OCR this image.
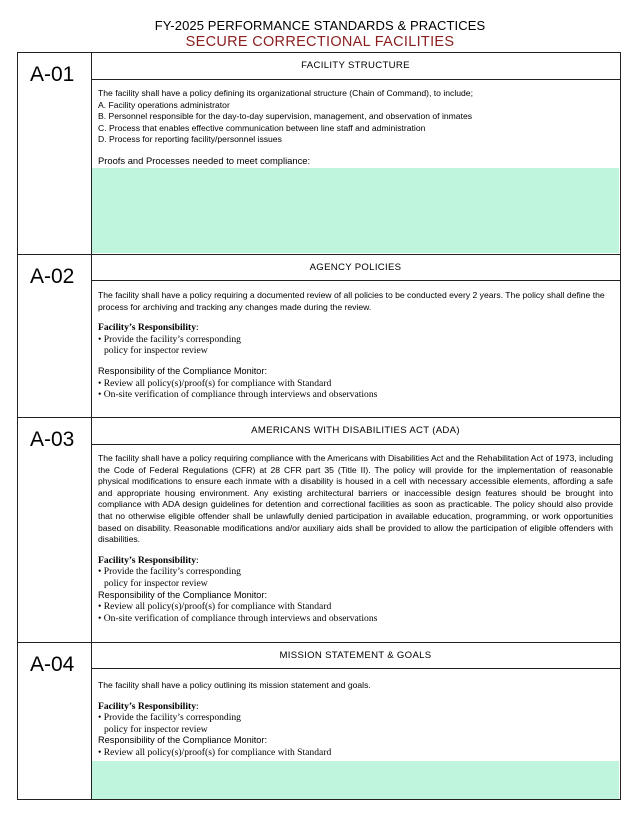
FY-2025 PERFORMANCE STANDARDS & PRACTICES
SECURE CORRECTIONAL FACILITIES
A-01	FACILITY STRUCTURE

The facility shall have a policy defining its organizational structure (Chain of Command), to include;

A. Facility operations administrator
B. Personnel responsible for the day-to-day supervision, management, and observation of inmates
C. Process that enables effective communication between line staff and administration
D. Process for reporting facility/personnel issues
Proofs and Processes needed to meet compliance:
A-02	AGENCY POLICIES

The facility shall have a policy requiring a documented review of all policies to be conducted every 2 years. The policy shall define the process for archiving and tracking any changes made during the review.

Facility’s Responsibility:
• Provide the facility’s corresponding
policy for inspector review
Responsibility of the Compliance Monitor:
• Review all policy(s)/proof(s) for compliance with Standard
• On-site verification of compliance through interviews and observations
A-03	AMERICANS WITH DISABILITIES ACT (ADA)

The facility shall have a policy requiring compliance with the Americans with Disabilities Act and the Rehabilitation Act of 1973, including the Code of Federal Regulations (CFR) at 28 CFR part 35 (Title II). The policy will provide for the implementation of reasonable physical modifications to ensure each inmate with a disability is housed in a cell with necessary accessible elements, affording a safe and appropriate housing environment. Any existing architectural barriers or inaccessible design features should be brought into compliance with ADA design guidelines for detention and correctional facilities as soon as practicable. The policy should also provide that no otherwise eligible offender shall be unlawfully denied participation in available education, programming, or work opportunities based on disability. Reasonable modifications and/or auxiliary aids shall be provided to allow the participation of eligible offenders with disabilities.

Facility’s Responsibility:
• Provide the facility’s corresponding
policy for inspector review
Responsibility of the Compliance Monitor:
• Review all policy(s)/proof(s) for compliance with Standard
• On-site verification of compliance through interviews and observations
A-04	MISSION STATEMENT & GOALS

The facility shall have a policy outlining its mission statement and goals.

Facility’s Responsibility:
• Provide the facility’s corresponding
policy for inspector review
Responsibility of the Compliance Monitor:
• Review all policy(s)/proof(s) for compliance with Standard
